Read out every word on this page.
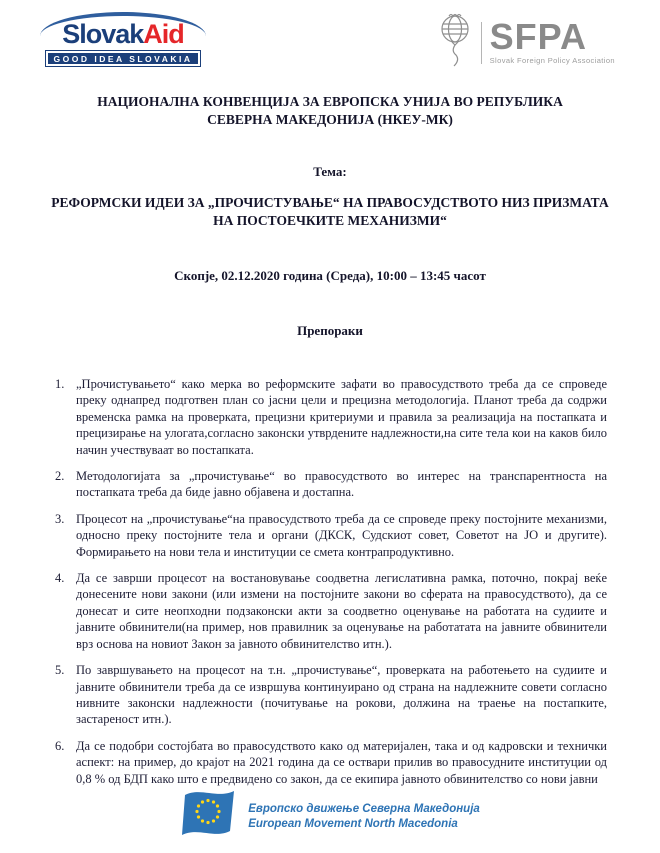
SlovakAid
GOOD IDEA SLOVAKIA
SFPA
Slovak Foreign Policy Association
НАЦИОНАЛНА КОНВЕНЦИЈА ЗА ЕВРОПСКА УНИЈА ВО РЕПУБЛИКА СЕВЕРНА МАКЕДОНИЈА (НКЕУ-МК)
Тема:
РЕФОРМСКИ ИДЕИ ЗА „ПРОЧИСТУВАЊЕ“ НА ПРАВОСУДСТВОТО НИЗ ПРИЗМАТА НА ПОСТОЕЧКИТЕ МЕХАНИЗМИ“
Скопје, 02.12.2020 година (Среда), 10:00 – 13:45 часот
Препораки
1. „Прочистувањето“ како мерка во реформските зафати во правосудството треба да се спроведе преку однапред подготвен план со јасни цели и прецизна методологија. Планот треба да содржи временска рамка на проверката, прецизни критериуми и правила за реализација на постапката и прецизирање на улогата,согласно законски утврдените надлежности,на сите тела кои на каков било начин учествуваат во постапката.
2. Методологијата за „прочистување“ во правосудството во интерес на транспарентноста на постапката треба да биде јавно објавена и достапна.
3. Процесот на „прочистување“на правосудството треба да се спроведе преку постојните механизми, односно преку постојните тела и органи (ДКСК, Судскиот совет, Советот на ЈО и другите). Формирањето на нови тела и институции се смета контрапродуктивно.
4. Да се заврши процесот на востановување соодветна легислативна рамка, поточно, покрај веќе донесените нови закони (или измени на постојните закони во сферата на правосудството), да се донесат и сите неопходни подзаконски акти за соодветно оценување на работата на судиите и јавните обвинители(на пример, нов правилник за оценување на работатата на јавните обвинители врз основа на новиот Закон за јавното обвинителство итн.).
5. По завршувањето на процесот на т.н. „прочистување“, проверката на работењето на судиите и јавните обвинители треба да се извршува континуирано од страна на надлежните совети согласно нивните законски надлежности (почитување на рокови, должина на траење на постапките, застареност итн.).
6. Да се подобри состојбата во правосудството како од материјален, така и од кадровски и технички аспект: на пример, до крајот на 2021 година да се оствари прилив во правосудните институции од 0,8 % од БДП како што е предвидено со закон, да се екипира јавното обвинителство со нови јавни
Европско движење Северна Македонија
European Movement North Macedonia
